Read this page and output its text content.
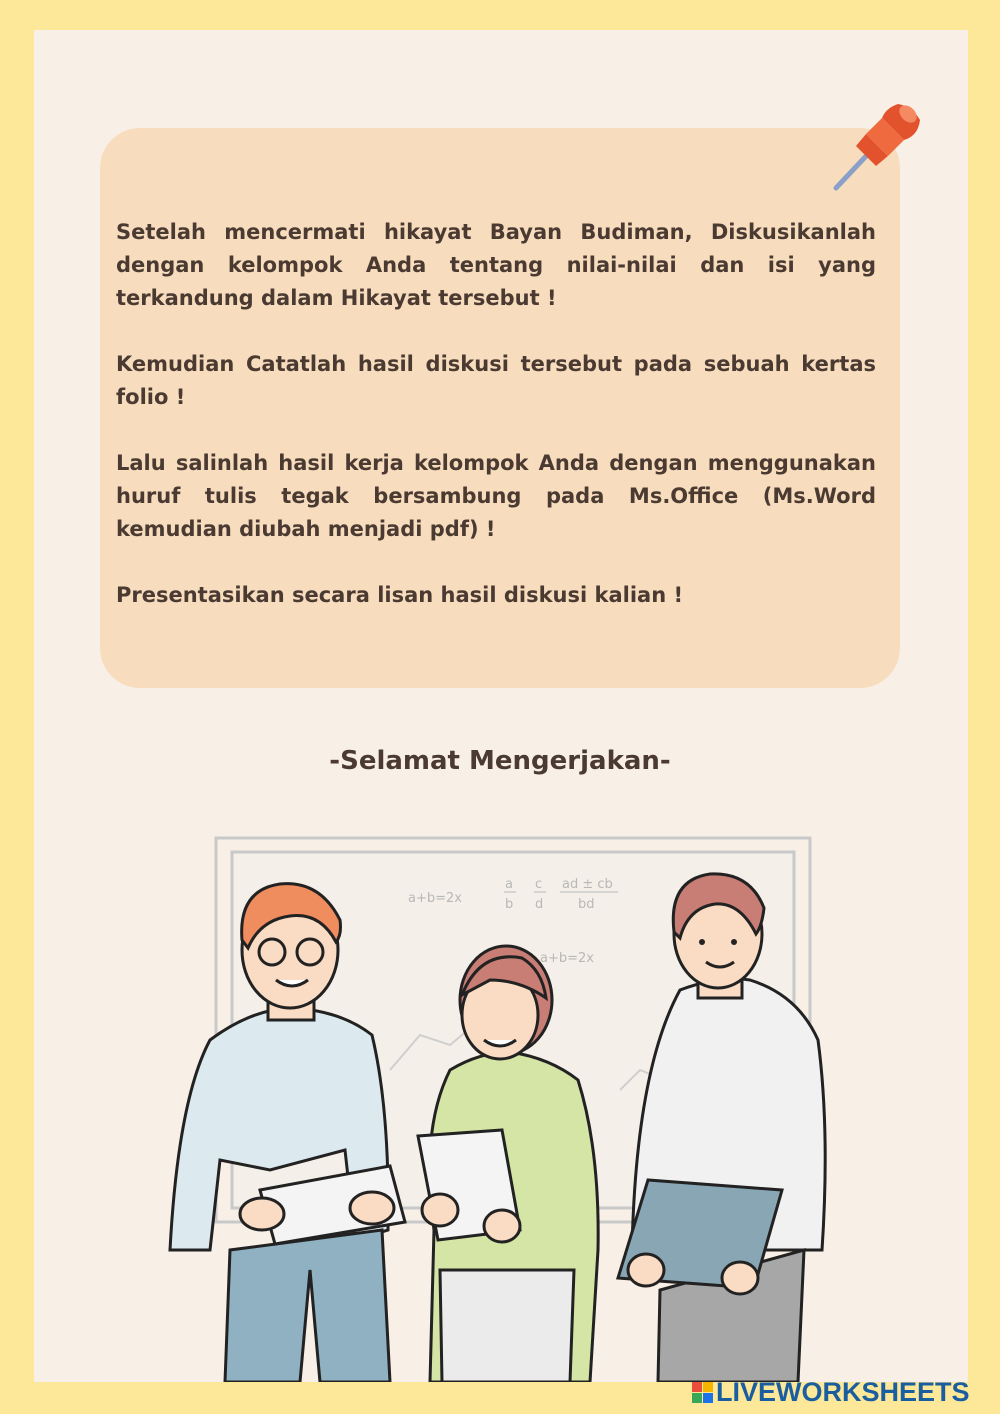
Setelah mencermati hikayat Bayan Budiman, Diskusikanlah dengan kelompok Anda tentang nilai-nilai dan isi yang terkandung dalam Hikayat tersebut !

Kemudian Catatlah hasil diskusi tersebut pada sebuah kertas folio !

Lalu salinlah hasil kerja kelompok Anda dengan menggunakan huruf tulis tegak bersambung pada Ms.Office (Ms.Word kemudian diubah menjadi pdf) !

Presentasikan secara lisan hasil diskusi kalian !

-Selamat Mengerjakan-
a+b=2x
a+b=2x
a
b
c
d
ad ± cb
bd
LIVEWORKSHEETS
